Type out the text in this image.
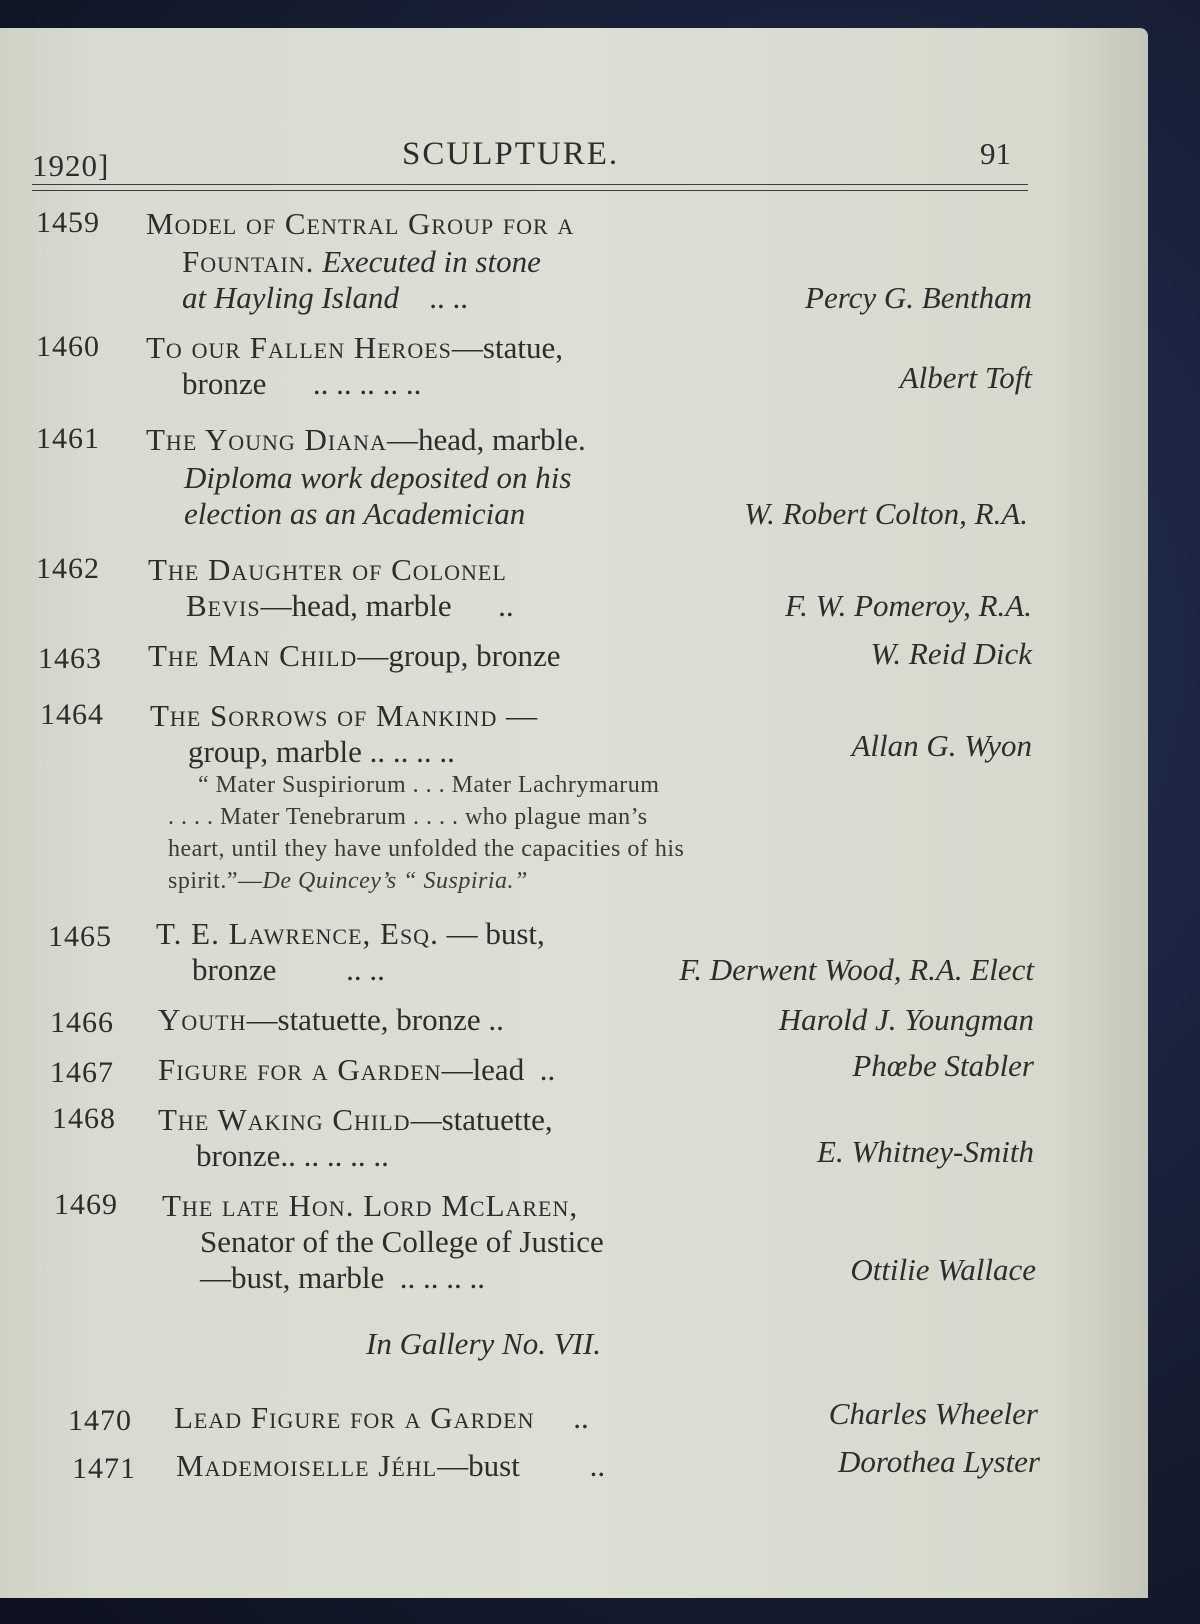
1920]	SCULPTURE.	91
1459 Model of Central Group for a
Fountain. Executed in stone
at Hayling Island .. ..	Percy G. Bentham
1460 To our Fallen Heroes—statue,
bronze .. .. .. .. ..	Albert Toft
1461 The Young Diana—head, marble.
Diploma work deposited on his
election as an Academician	W. Robert Colton, R.A.
1462 The Daughter of Colonel
Bevis—head, marble ..	F. W. Pomeroy, R.A.
1463 The Man Child—group, bronze	W. Reid Dick
1464 The Sorrows of Mankind —
group, marble .. .. .. ..	Allan G. Wyon
“ Mater Suspiriorum . . . Mater Lachrymarum
. . . . Mater Tenebrarum . . . . who plague man’s
heart, until they have unfolded the capacities of his
spirit.”—De Quincey’s “ Suspiria.”
1465 T. E. Lawrence, Esq. — bust,
bronze .. ..	F. Derwent Wood, R.A. Elect
1466 Youth—statuette, bronze ..	Harold J. Youngman
1467 Figure for a Garden—lead ..	Phœbe Stabler
1468 The Waking Child—statuette,
bronze.. .. .. .. ..	E. Whitney-Smith
1469 The late Hon. Lord McLaren,
Senator of the College of Justice
—bust, marble .. .. .. ..	Ottilie Wallace
In Gallery No. VII.
1470 Lead Figure for a Garden ..	Charles Wheeler
1471 Mademoiselle Jéhl—bust ..	Dorothea Lyster
